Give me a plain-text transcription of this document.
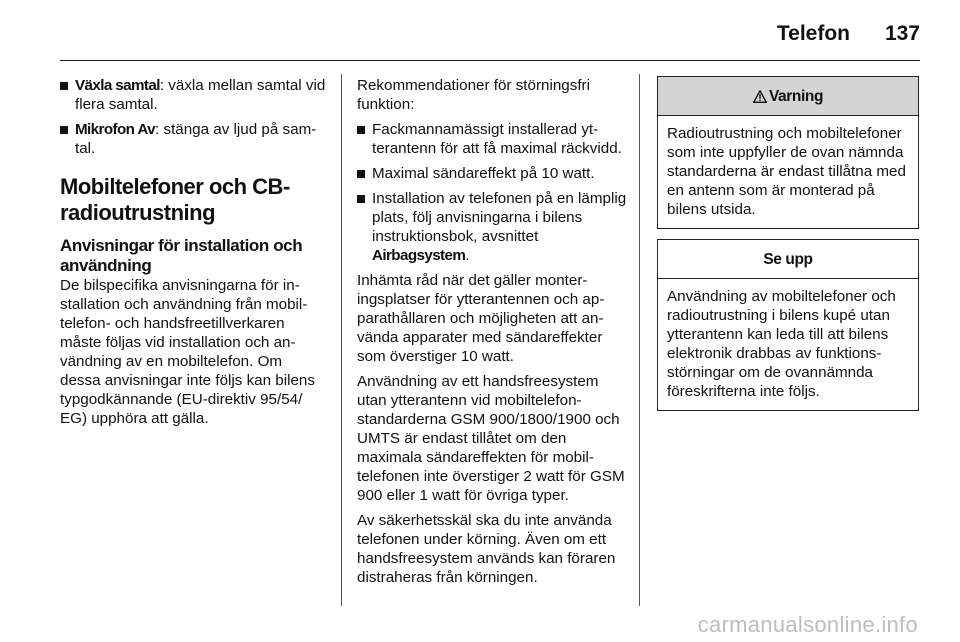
Telefon 137
Växla samtal: växla mellan samtal vid flera samtal.
Mikrofon Av: stänga av ljud på samtal.
Mobiltelefoner och CB-radioutrustning
Anvisningar för installation och användning

De bilspecifika anvisningarna för installation och användning från mobiltelefon- och handsfreetillverkaren måste följas vid installation och användning av en mobiltelefon. Om dessa anvisningar inte följs kan bilens typgodkännande (EU-direktiv 95/54/ EG) upphöra att gälla.

Rekommendationer för störningsfri funktion:

Fackmannamässigt installerad ytterantenn för att få maximal räckvidd.
Maximal sändareffekt på 10 watt.
Installation av telefonen på en lämplig plats, följ anvisningarna i bilens instruktionsbok, avsnittet Airbagsystem.

Inhämta råd när det gäller monteringsplatser för ytterantennen och apparathållaren och möjligheten att använda apparater med sändareffekter som överstiger 10 watt.

Användning av ett handsfreesystem utan ytterantenn vid mobiltelefonstandarderna GSM 900/1800/1900 och UMTS är endast tillåtet om den maximala sändareffekten för mobiltelefonen inte överstiger 2 watt för GSM 900 eller 1 watt för övriga typer.

Av säkerhetsskäl ska du inte använda telefonen under körning. Även om ett handsfreesystem används kan föraren distraheras från körningen.

Varning
Radioutrustning och mobiltelefoner som inte uppfyller de ovan nämnda standarderna är endast tillåtna med en antenn som är monterad på bilens utsida.
Se upp
Användning av mobiltelefoner och radioutrustning i bilens kupé utan ytterantenn kan leda till att bilens elektronik drabbas av funktionsstörningar om de ovannämnda föreskrifterna inte följs.
carmanualsonline.info
